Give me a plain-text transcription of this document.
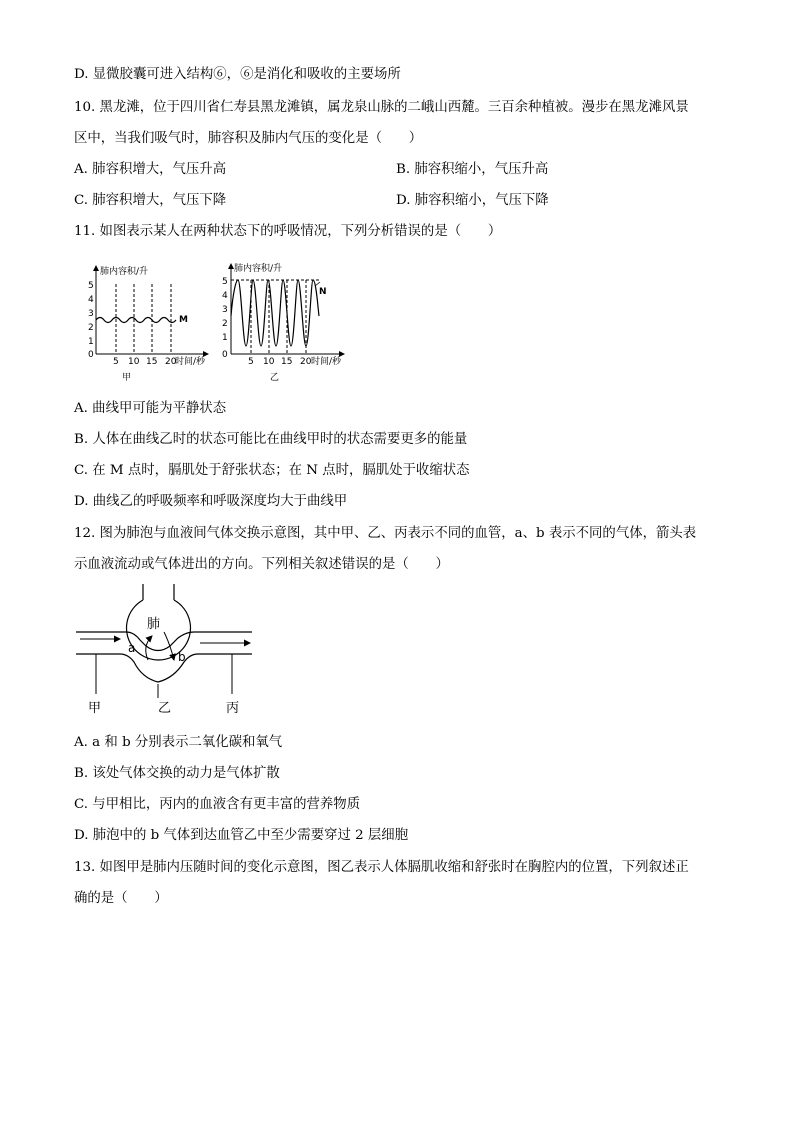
D. 显微胶囊可进入结构⑥，⑥是消化和吸收的主要场所
10. 黑龙滩，位于四川省仁寿县黑龙滩镇，属龙泉山脉的二峨山西麓。三百余种植被。漫步在黑龙滩风景
区中，当我们吸气时，肺容积及肺内气压的变化是（　　）
A. 肺容积增大，气压升高	B. 肺容积缩小，气压升高
C. 肺容积增大，气压下降	D. 肺容积缩小，气压下降
11. 如图表示某人在两种状态下的呼吸情况，下列分析错误的是（　　）
肺内容积/升
5
4
3
2
1
0
M
5 10 15 20
时间/秒
甲
肺内容积/升
5
4
3
2
1
0
N
5 10 15 20 时间/秒
乙
A. 曲线甲可能为平静状态
B. 人体在曲线乙时的状态可能比在曲线甲时的状态需要更多的能量
C. 在 M 点时，膈肌处于舒张状态；在 N 点时，膈肌处于收缩状态
D. 曲线乙的呼吸频率和呼吸深度均大于曲线甲
12. 图为肺泡与血液间气体交换示意图，其中甲、乙、丙表示不同的血管，a、b 表示不同的气体，箭头表
示血液流动或气体进出的方向。下列相关叙述错误的是（　　）
肺
a
b
甲	乙	丙
A. a 和 b 分别表示二氧化碳和氧气
B. 该处气体交换的动力是气体扩散
C. 与甲相比，丙内的血液含有更丰富的营养物质
D. 肺泡中的 b 气体到达血管乙中至少需要穿过 2 层细胞
13. 如图甲是肺内压随时间的变化示意图，图乙表示人体膈肌收缩和舒张时在胸腔内的位置，下列叙述正
确的是（　　）
